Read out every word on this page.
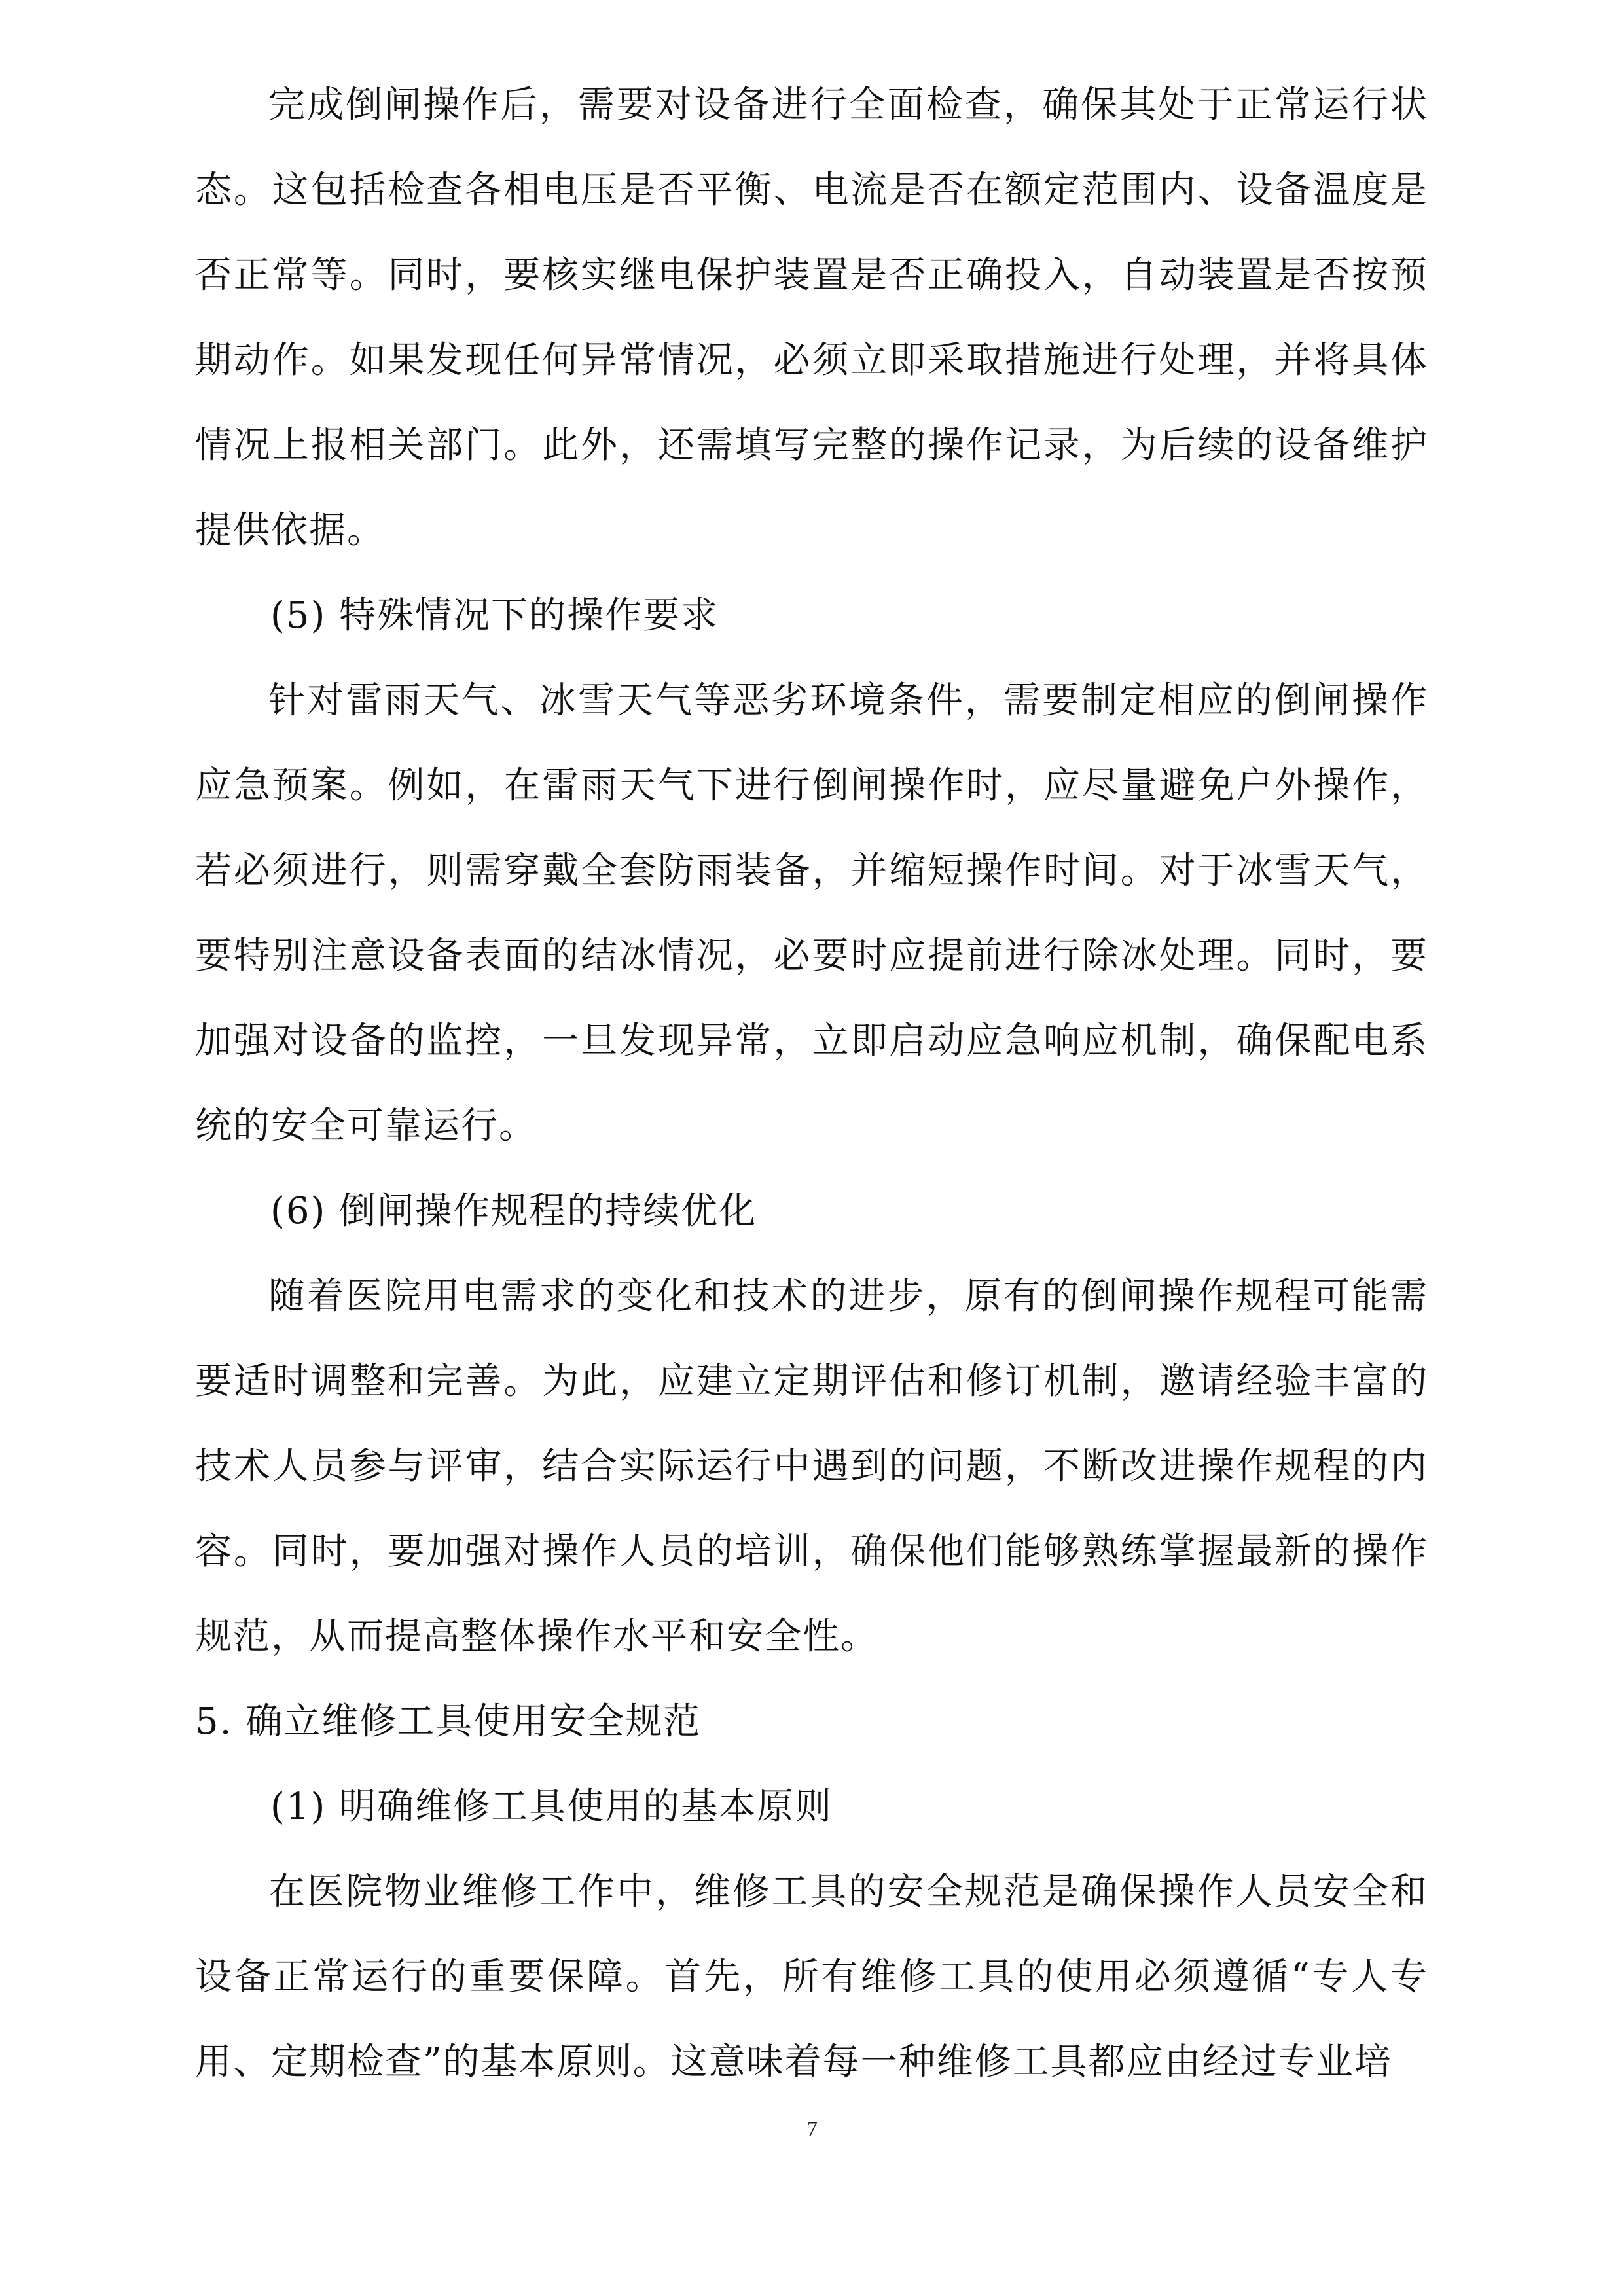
完成倒闸操作后，需要对设备进行全面检查，确保其处于正常运行状态。这包括检查各相电压是否平衡、电流是否在额定范围内、设备温度是否正常等。同时，要核实继电保护装置是否正确投入，自动装置是否按预期动作。如果发现任何异常情况，必须立即采取措施进行处理，并将具体情况上报相关部门。此外，还需填写完整的操作记录，为后续的设备维护提供依据。

(5) 特殊情况下的操作要求

针对雷雨天气、冰雪天气等恶劣环境条件，需要制定相应的倒闸操作应急预案。例如，在雷雨天气下进行倒闸操作时，应尽量避免户外操作，若必须进行，则需穿戴全套防雨装备，并缩短操作时间。对于冰雪天气，要特别注意设备表面的结冰情况，必要时应提前进行除冰处理。同时，要加强对设备的监控，一旦发现异常，立即启动应急响应机制，确保配电系统的安全可靠运行。

(6) 倒闸操作规程的持续优化

随着医院用电需求的变化和技术的进步，原有的倒闸操作规程可能需要适时调整和完善。为此，应建立定期评估和修订机制，邀请经验丰富的技术人员参与评审，结合实际运行中遇到的问题，不断改进操作规程的内容。同时，要加强对操作人员的培训，确保他们能够熟练掌握最新的操作规范，从而提高整体操作水平和安全性。

5. 确立维修工具使用安全规范

(1) 明确维修工具使用的基本原则

在医院物业维修工作中，维修工具的安全规范是确保操作人员安全和设备正常运行的重要保障。首先，所有维修工具的使用必须遵循“专人专用、定期检查”的基本原则。这意味着每一种维修工具都应由经过专业培

7
